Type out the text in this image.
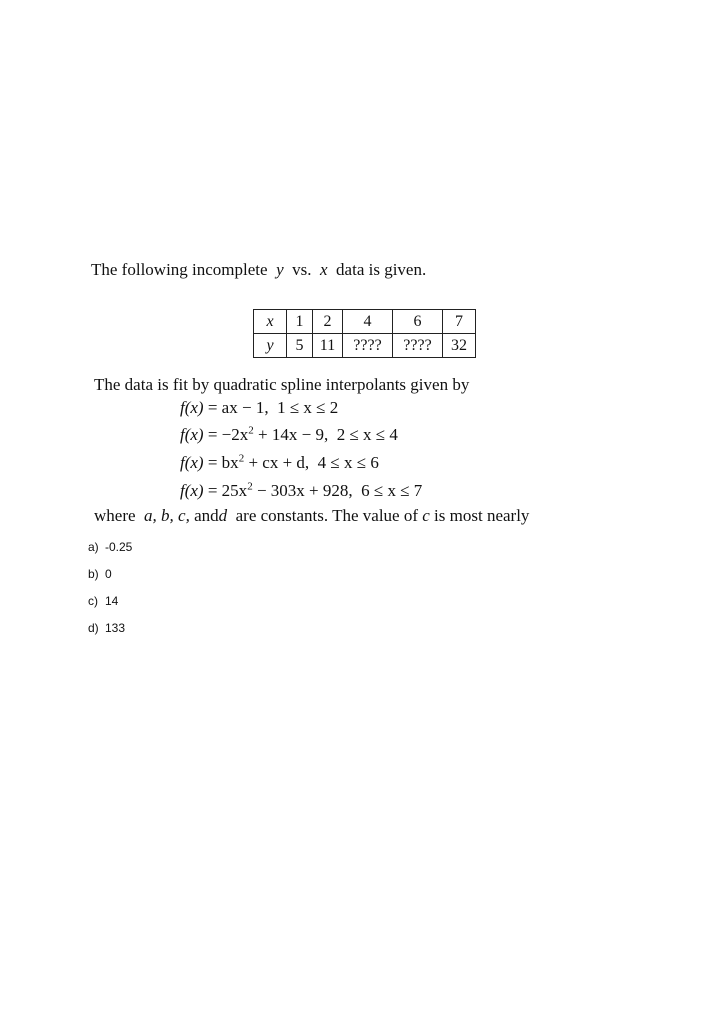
The following incomplete y vs. x data is given.
x	1	2	4	6	7
y	5	11	????	????	32
The data is fit by quadratic spline interpolants given by
f(x) = ax − 1, 1 ≤ x ≤ 2
$f(x) = -2x^2 + 14x - 9$, 2 ≤ x ≤ 4
$f(x) = bx^2$ + cx + d, 4 ≤ x ≤ 6
$f(x) = 25x^2 - 303x + 928$, 6 ≤ x ≤ 7
where a, b, c, andd are constants. The value of c is most nearly
a) -0.25
b) 0
c) 14
d) 133
